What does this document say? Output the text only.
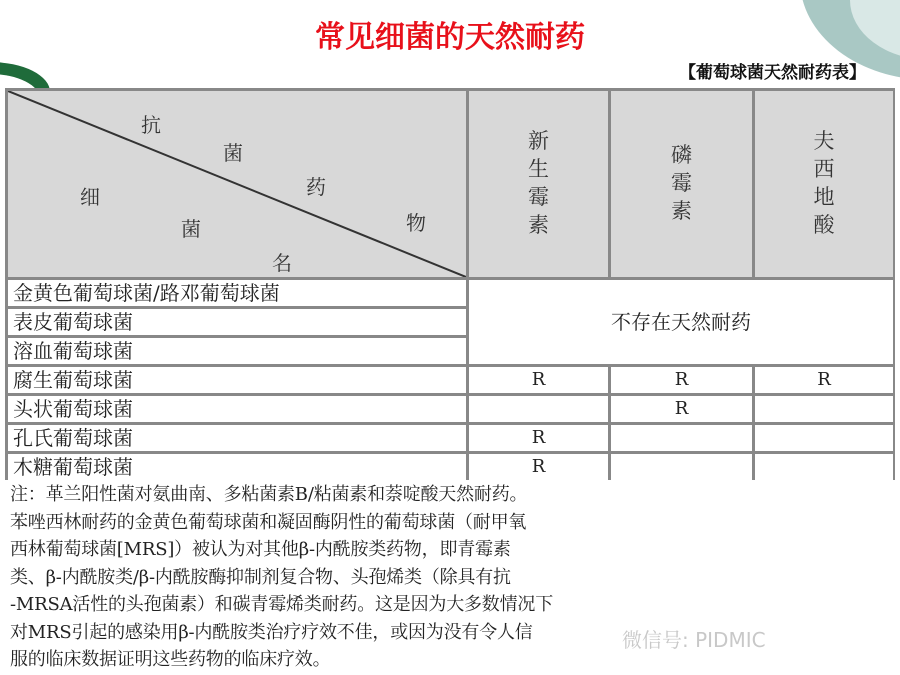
常见细菌的天然耐药
【葡萄球菌天然耐药表】
抗
菌
药
物
细
菌
名
新
生
霉
素
磷
霉
素
夫
西
地
酸
金黄色葡萄球菌/路邓葡萄球菌
表皮葡萄球菌
溶血葡萄球菌
腐生葡萄球菌
头状葡萄球菌
孔氏葡萄球菌
木糖葡萄球菌
不存在天然耐药
R	R	R
R
R
R

注：革兰阳性菌对氨曲南、多粘菌素B/粘菌素和萘啶酸天然耐药。

苯唑西林耐药的金黄色葡萄球菌和凝固酶阴性的葡萄球菌（耐甲氧

西林葡萄球菌[MRS]）被认为对其他β-内酰胺类药物，即青霉素

类、β-内酰胺类/β-内酰胺酶抑制剂复合物、头孢烯类（除具有抗

-MRSA活性的头孢菌素）和碳青霉烯类耐药。这是因为大多数情况下

对MRS引起的感染用β-内酰胺类治疗疗效不佳，或因为没有令人信

服的临床数据证明这些药物的临床疗效。

微信号: PIDMIC
